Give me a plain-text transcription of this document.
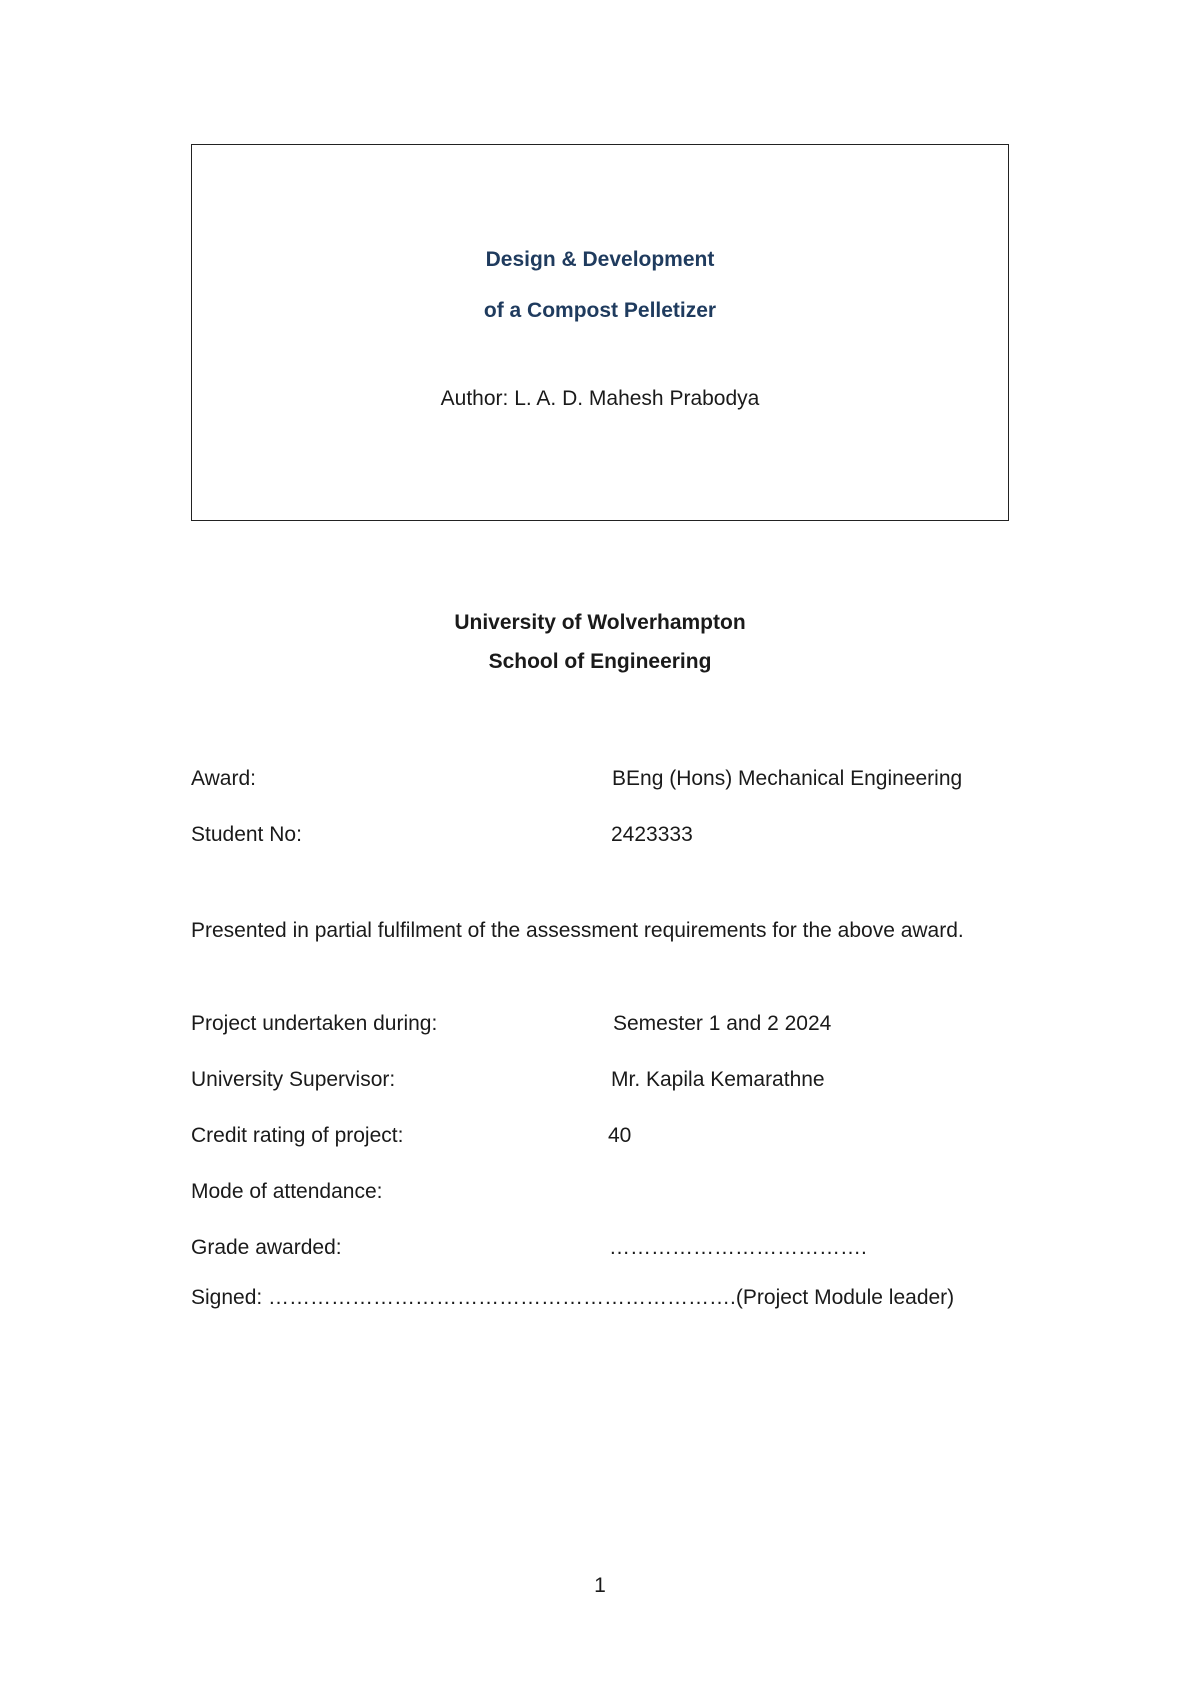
Design & Development
of a Compost Pelletizer
Author: L. A. D. Mahesh Prabodya
University of Wolverhampton
School of Engineering
Award:	BEng (Hons) Mechanical Engineering
Student No:	2423333
Presented in partial fulfilment of the assessment requirements for the above award.
Project undertaken during:	Semester 1 and 2 2024
University Supervisor:	Mr. Kapila Kemarathne
Credit rating of project:	40
Mode of attendance:
Grade awarded:	……………………………….
Signed: ………………………………………………………….(Project Module leader)
1
